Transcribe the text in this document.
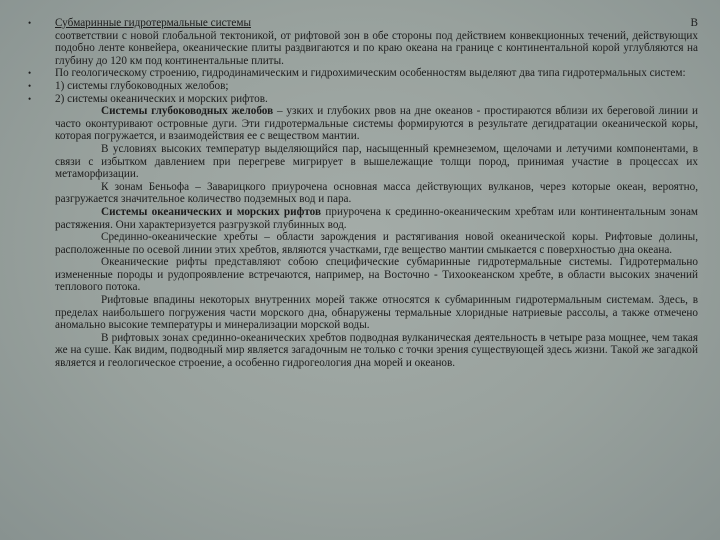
• Субмаринные гидротермальные системы	В
соответствии с новой глобальной тектоникой, от рифтовой зон в обе стороны под действием конвекционных течений, действующих подобно ленте конвейера, океанические плиты раздвигаются и по краю океана на границе с континентальной корой углубляются на глубину до 120 км под континентальные плиты.
• По геологическому строению, гидродинамическим и гидрохимическим особенностям выделяют два типа гидротермальных систем:
• 1) системы глубоководных желобов;
• 2) системы океанических и морских рифтов.
Системы глубоководных желобов – узких и глубоких рвов на дне океанов - простираются вблизи их береговой линии и часто оконтуривают островные дуги. Эти гидротермальные системы формируются в результате дегидратации океанической коры, которая погружается, и взаимодействия ее с веществом мантии.
В условиях высоких температур выделяющийся пар, насыщенный кремнеземом, щелочами и летучими компонентами, в связи с избытком давлением при перегреве мигрирует в вышележащие толщи пород, принимая участие в процессах их метаморфизации.
К зонам Беньофа – Заварицкого приурочена основная масса действующих вулканов, через которые океан, вероятно, разгружается значительное количество подземных вод и пара.
Системы океанических и морских рифтов приурочена к срединно-океаническим хребтам или континентальным зонам растяжения. Они характеризуется разгрузкой глубинных вод.
Срединно-океанические хребты – области зарождения и растягивания новой океанической коры. Рифтовые долины, расположенные по осевой линии этих хребтов, являются участками, где вещество мантии смыкается с поверхностью дна океана.
Океанические рифты представляют собою специфические субмаринные гидротермальные системы. Гидротермально измененные породы и рудопроявление встречаются, например, на Восточно - Тихоокеанском хребте, в области высоких значений теплового потока.
Рифтовые впадины некоторых внутренних морей также относятся к субмаринным гидротермальным системам. Здесь, в пределах наибольшего погружения части морского дна, обнаружены термальные хлоридные натриевые рассолы, а также отмечено аномально высокие температуры и минерализации морской воды.
В рифтовых зонах срединно-океанических хребтов подводная вулканическая деятельность в четыре раза мощнее, чем такая же на суше. Как видим, подводный мир является загадочным не только с точки зрения существующей здесь жизни. Такой же загадкой является и геологическое строение, а особенно гидрогеология дна морей и океанов.
